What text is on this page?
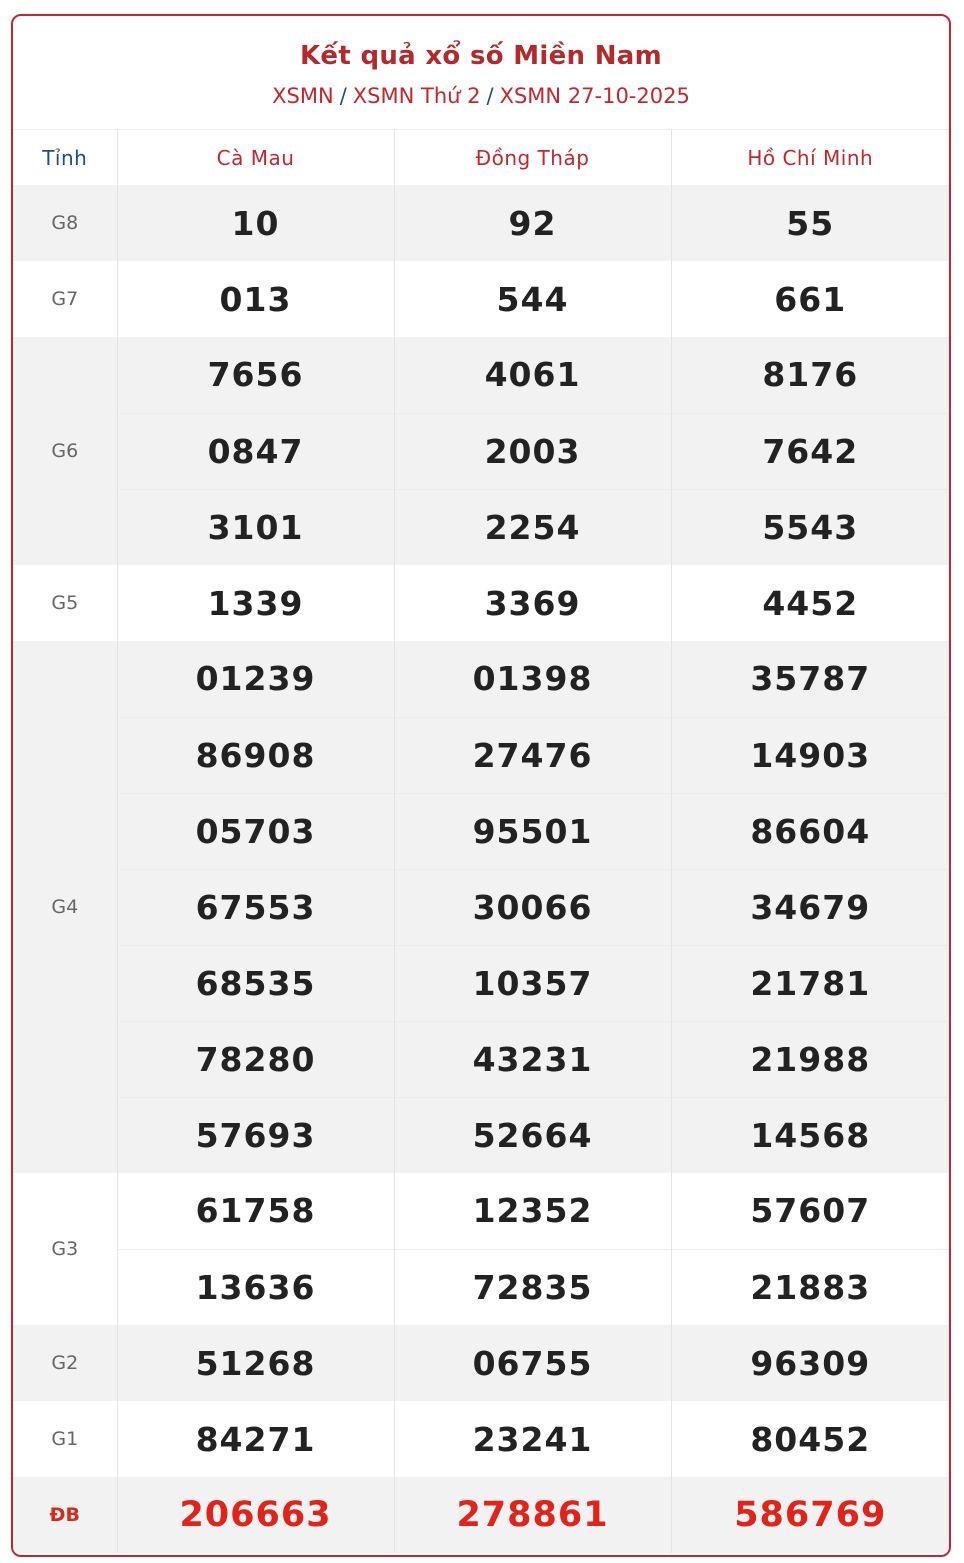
Kết quả xổ số Miền Nam
XSMN / XSMN Thứ 2 / XSMN 27-10-2025
Tỉnh	Cà Mau	Đồng Tháp	Hồ Chí Minh
G8	10	92	55
G7	013	544	661
G6	7656	4061	8176
	0847	2003	7642
	3101	2254	5543
G5	1339	3369	4452
G4	01239	01398	35787
	86908	27476	14903
	05703	95501	86604
	67553	30066	34679
	68535	10357	21781
	78280	43231	21988
	57693	52664	14568
G3	61758	12352	57607
	13636	72835	21883
G2	51268	06755	96309
G1	84271	23241	80452
ĐB	206663	278861	586769
